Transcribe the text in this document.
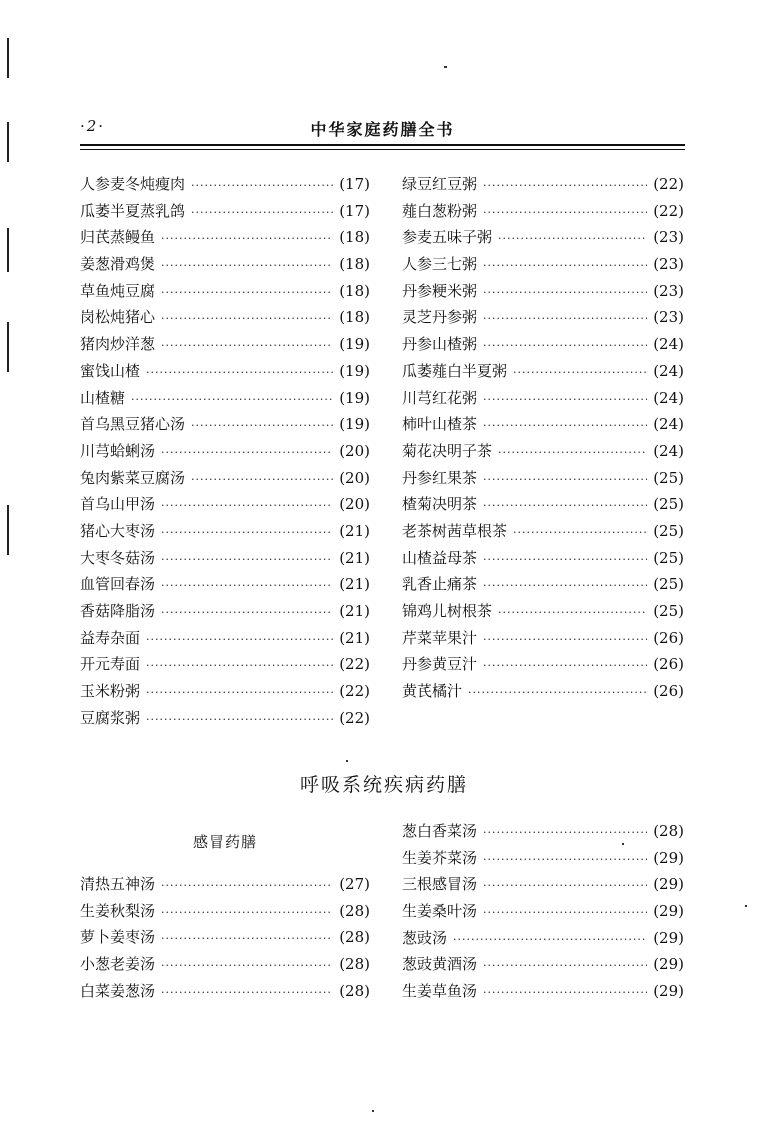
·2·	中华家庭药膳全书
人参麦冬炖瘦肉 ·····	(17)
瓜萎半夏蒸乳鸽 ·····	(17)
归芪蒸鳗鱼 ·····	(18)
姜葱滑鸡煲 ·····	(18)
草鱼炖豆腐 ·····	(18)
岗松炖猪心 ·····	(18)
猪肉炒洋葱 ·····	(19)
蜜饯山楂 ·····	(19)
山楂糖 ·····	(19)
首乌黑豆猪心汤 ·····	(19)
川芎蛤蜊汤 ·····	(20)
兔肉紫菜豆腐汤 ·····	(20)
首乌山甲汤 ·····	(20)
猪心大枣汤 ·····	(21)
大枣冬菇汤 ·····	(21)
血管回春汤 ·····	(21)
香菇降脂汤 ·····	(21)
益寿杂面 ·····	(21)
开元寿面 ·····	(22)
玉米粉粥 ·····	(22)
豆腐浆粥 ·····	(22)
绿豆红豆粥 ·····	(22)
薤白葱粉粥 ·····	(22)
参麦五味子粥 ·····	(23)
人参三七粥 ·····	(23)
丹参粳米粥 ·····	(23)
灵芝丹参粥 ·····	(23)
丹参山楂粥 ·····	(24)
瓜萎薤白半夏粥 ·····	(24)
川芎红花粥 ·····	(24)
柿叶山楂茶 ·····	(24)
菊花决明子茶 ·····	(24)
丹参红果茶 ·····	(25)
楂菊决明茶 ·····	(25)
老茶树茜草根茶 ·····	(25)
山楂益母茶 ·····	(25)
乳香止痛茶 ·····	(25)
锦鸡儿树根茶 ·····	(25)
芹菜苹果汁 ·····	(26)
丹参黄豆汁 ·····	(26)
黄芪橘汁 ·····	(26)
呼吸系统疾病药膳
感冒药膳
清热五神汤 ·····	(27)
生姜秋梨汤 ·····	(28)
萝卜姜枣汤 ·····	(28)
小葱老姜汤 ·····	(28)
白菜姜葱汤 ·····	(28)
葱白香菜汤 ·····	(28)
生姜芥菜汤 ·····	(29)
三根感冒汤 ·····	(29)
生姜桑叶汤 ·····	(29)
葱豉汤 ·····	(29)
葱豉黄酒汤 ·····	(29)
生姜草鱼汤 ·····	(29)
